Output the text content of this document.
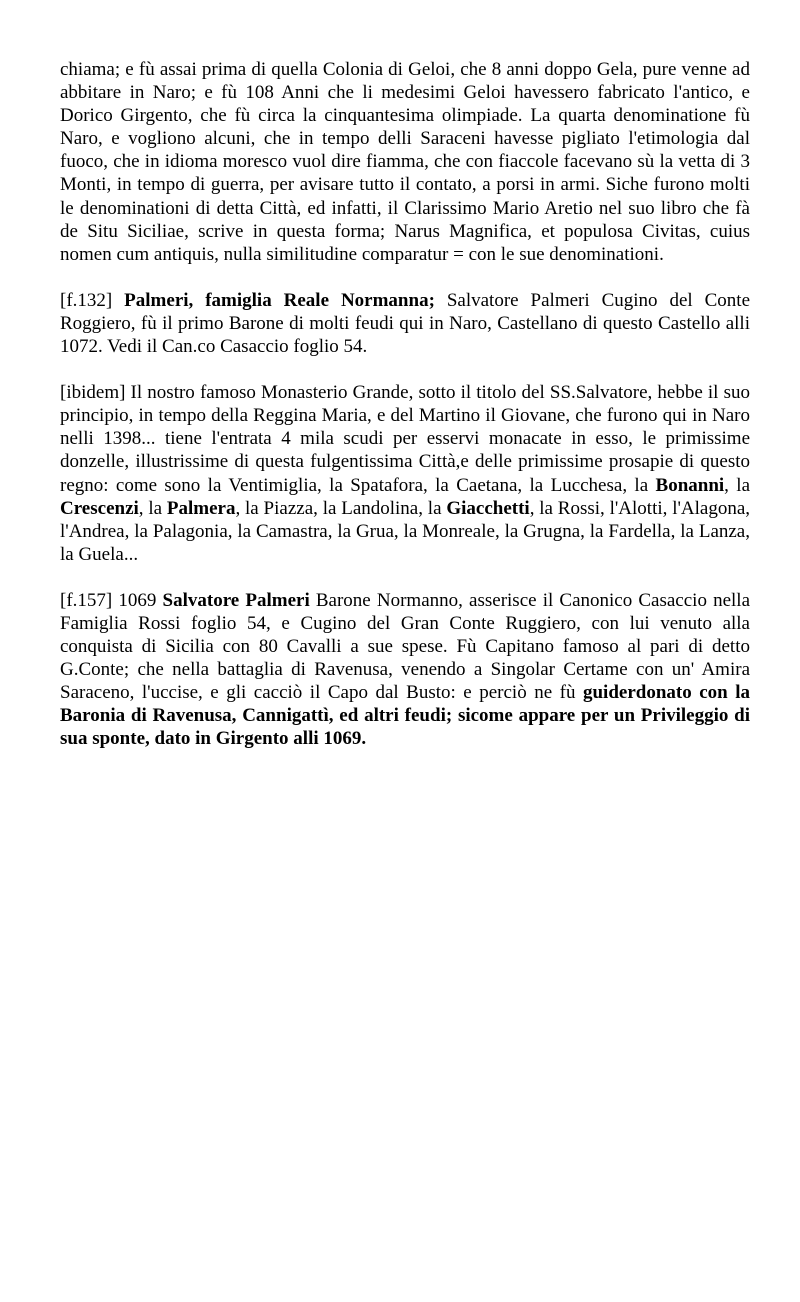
chiama; e fù assai prima di quella Colonia di Geloi, che 8 anni doppo Gela, pure venne ad abbitare in Naro; e fù 108 Anni che li medesimi Geloi havessero fabricato l'antico, e Dorico Girgento, che fù circa la cinquantesima olimpiade. La quarta denominatione fù Naro, e vogliono alcuni, che in tempo delli Saraceni havesse pigliato l'etimologia dal fuoco, che in idioma moresco vuol dire fiamma, che con fiaccole facevano sù la vetta di 3 Monti, in tempo di guerra, per avisare tutto il contato, a porsi in armi. Siche furono molti le denominationi di detta Città, ed infatti, il Clarissimo Mario Aretio nel suo libro che fà de Situ Siciliae, scrive in questa forma; Narus Magnifica, et populosa Civitas, cuius nomen cum antiquis, nulla similitudine comparatur = con le sue denominationi.

[f.132] Palmeri, famiglia Reale Normanna; Salvatore Palmeri Cugino del Conte Roggiero, fù il primo Barone di molti feudi qui in Naro, Castellano di questo Castello alli 1072. Vedi il Can.co Casaccio foglio 54.

[ibidem] Il nostro famoso Monasterio Grande, sotto il titolo del SS.Salvatore, hebbe il suo principio, in tempo della Reggina Maria, e del Martino il Giovane, che furono qui in Naro nelli 1398... tiene l'entrata 4 mila scudi per esservi monacate in esso, le primissime donzelle, illustrissime di questa fulgentissima Città,e delle primissime prosapie di questo regno: come sono la Ventimiglia, la Spatafora, la Caetana, la Lucchesa, la Bonanni, la Crescenzi, la Palmera, la Piazza, la Landolina, la Giacchetti, la Rossi, l'Alotti, l'Alagona, l'Andrea, la Palagonia, la Camastra, la Grua, la Monreale, la Grugna, la Fardella, la Lanza, la Guela...

[f.157] 1069 Salvatore Palmeri Barone Normanno, asserisce il Canonico Casaccio nella Famiglia Rossi foglio 54, e Cugino del Gran Conte Ruggiero, con lui venuto alla conquista di Sicilia con 80 Cavalli a sue spese. Fù Capitano famoso al pari di detto G.Conte; che nella battaglia di Ravenusa, venendo a Singolar Certame con un' Amira Saraceno, l'uccise, e gli cacciò il Capo dal Busto: e perciò ne fù guiderdonato con la Baronia di Ravenusa, Cannigattì, ed altri feudi; sicome appare per un Privileggio di sua sponte, dato in Girgento alli 1069.
